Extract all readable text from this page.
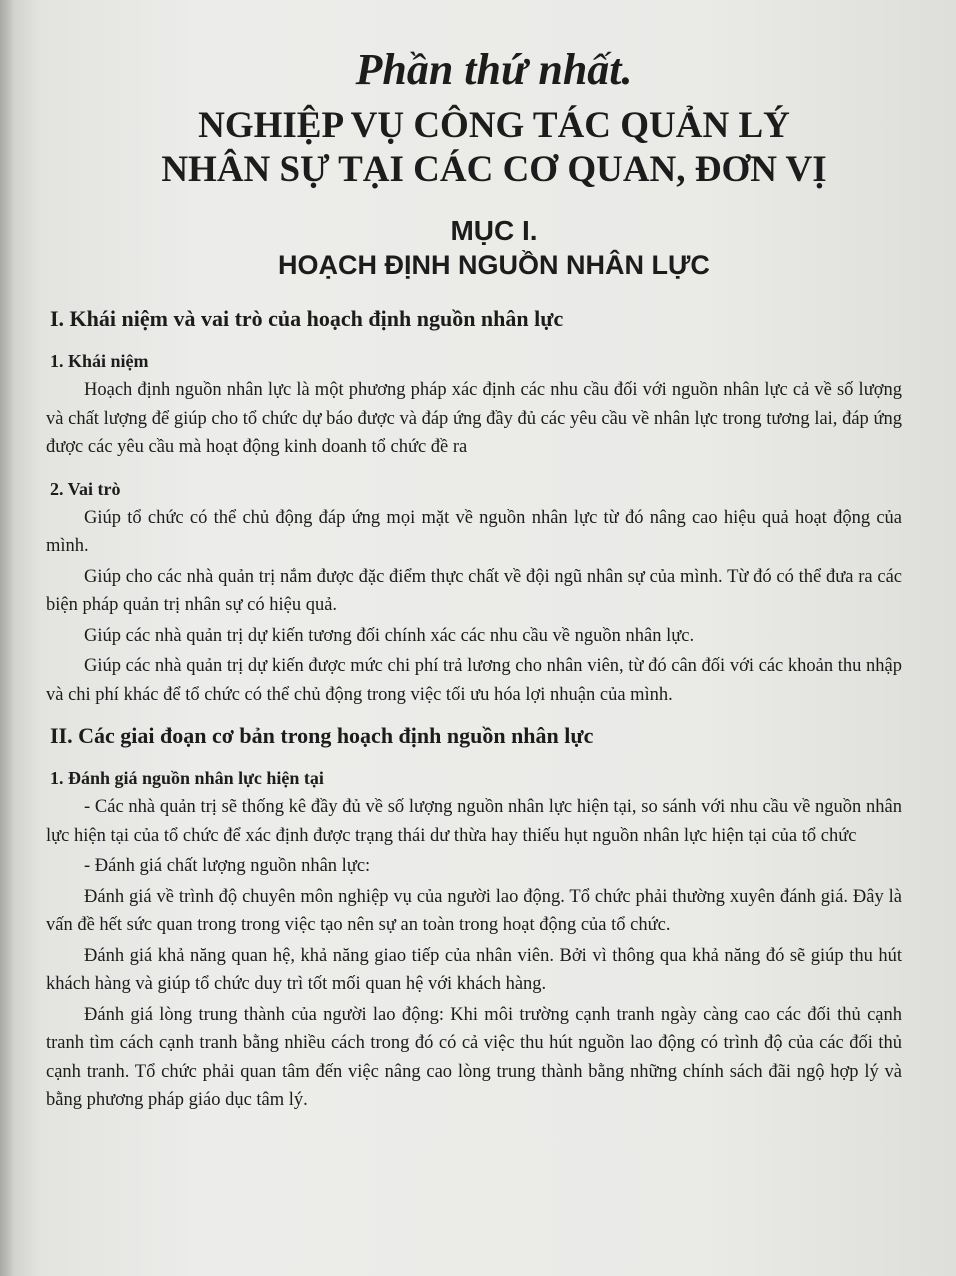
Phần thứ nhất.
NGHIỆP VỤ CÔNG TÁC QUẢN LÝ
NHÂN SỰ TẠI CÁC CƠ QUAN, ĐƠN VỊ
MỤC I.
HOẠCH ĐỊNH NGUỒN NHÂN LỰC
I. Khái niệm và vai trò của hoạch định nguồn nhân lực
1. Khái niệm

Hoạch định nguồn nhân lực là một phương pháp xác định các nhu cầu đối với nguồn nhân lực cả về số lượng và chất lượng để giúp cho tổ chức dự báo được và đáp ứng đầy đủ các yêu cầu về nhân lực trong tương lai, đáp ứng được các yêu cầu mà hoạt động kinh doanh tổ chức đề ra

2. Vai trò

Giúp tổ chức có thể chủ động đáp ứng mọi mặt về nguồn nhân lực từ đó nâng cao hiệu quả hoạt động của mình.

Giúp cho các nhà quản trị nắm được đặc điểm thực chất về đội ngũ nhân sự của mình. Từ đó có thể đưa ra các biện pháp quản trị nhân sự có hiệu quả.

Giúp các nhà quản trị dự kiến tương đối chính xác các nhu cầu về nguồn nhân lực.

Giúp các nhà quản trị dự kiến được mức chi phí trả lương cho nhân viên, từ đó cân đối với các khoản thu nhập và chi phí khác để tổ chức có thể chủ động trong việc tối ưu hóa lợi nhuận của mình.

II. Các giai đoạn cơ bản trong hoạch định nguồn nhân lực
1. Đánh giá nguồn nhân lực hiện tại

- Các nhà quản trị sẽ thống kê đầy đủ về số lượng nguồn nhân lực hiện tại, so sánh với nhu cầu về nguồn nhân lực hiện tại của tổ chức để xác định được trạng thái dư thừa hay thiếu hụt nguồn nhân lực hiện tại của tổ chức

- Đánh giá chất lượng nguồn nhân lực:

Đánh giá về trình độ chuyên môn nghiệp vụ của người lao động. Tổ chức phải thường xuyên đánh giá. Đây là vấn đề hết sức quan trong trong việc tạo nên sự an toàn trong hoạt động của tổ chức.

Đánh giá khả năng quan hệ, khả năng giao tiếp của nhân viên. Bởi vì thông qua khả năng đó sẽ giúp thu hút khách hàng và giúp tổ chức duy trì tốt mối quan hệ với khách hàng.

Đánh giá lòng trung thành của người lao động: Khi môi trường cạnh tranh ngày càng cao các đối thủ cạnh tranh tìm cách cạnh tranh bằng nhiều cách trong đó có cả việc thu hút nguồn lao động có trình độ của các đối thủ cạnh tranh. Tổ chức phải quan tâm đến việc nâng cao lòng trung thành bằng những chính sách đãi ngộ hợp lý và bằng phương pháp giáo dục tâm lý.
